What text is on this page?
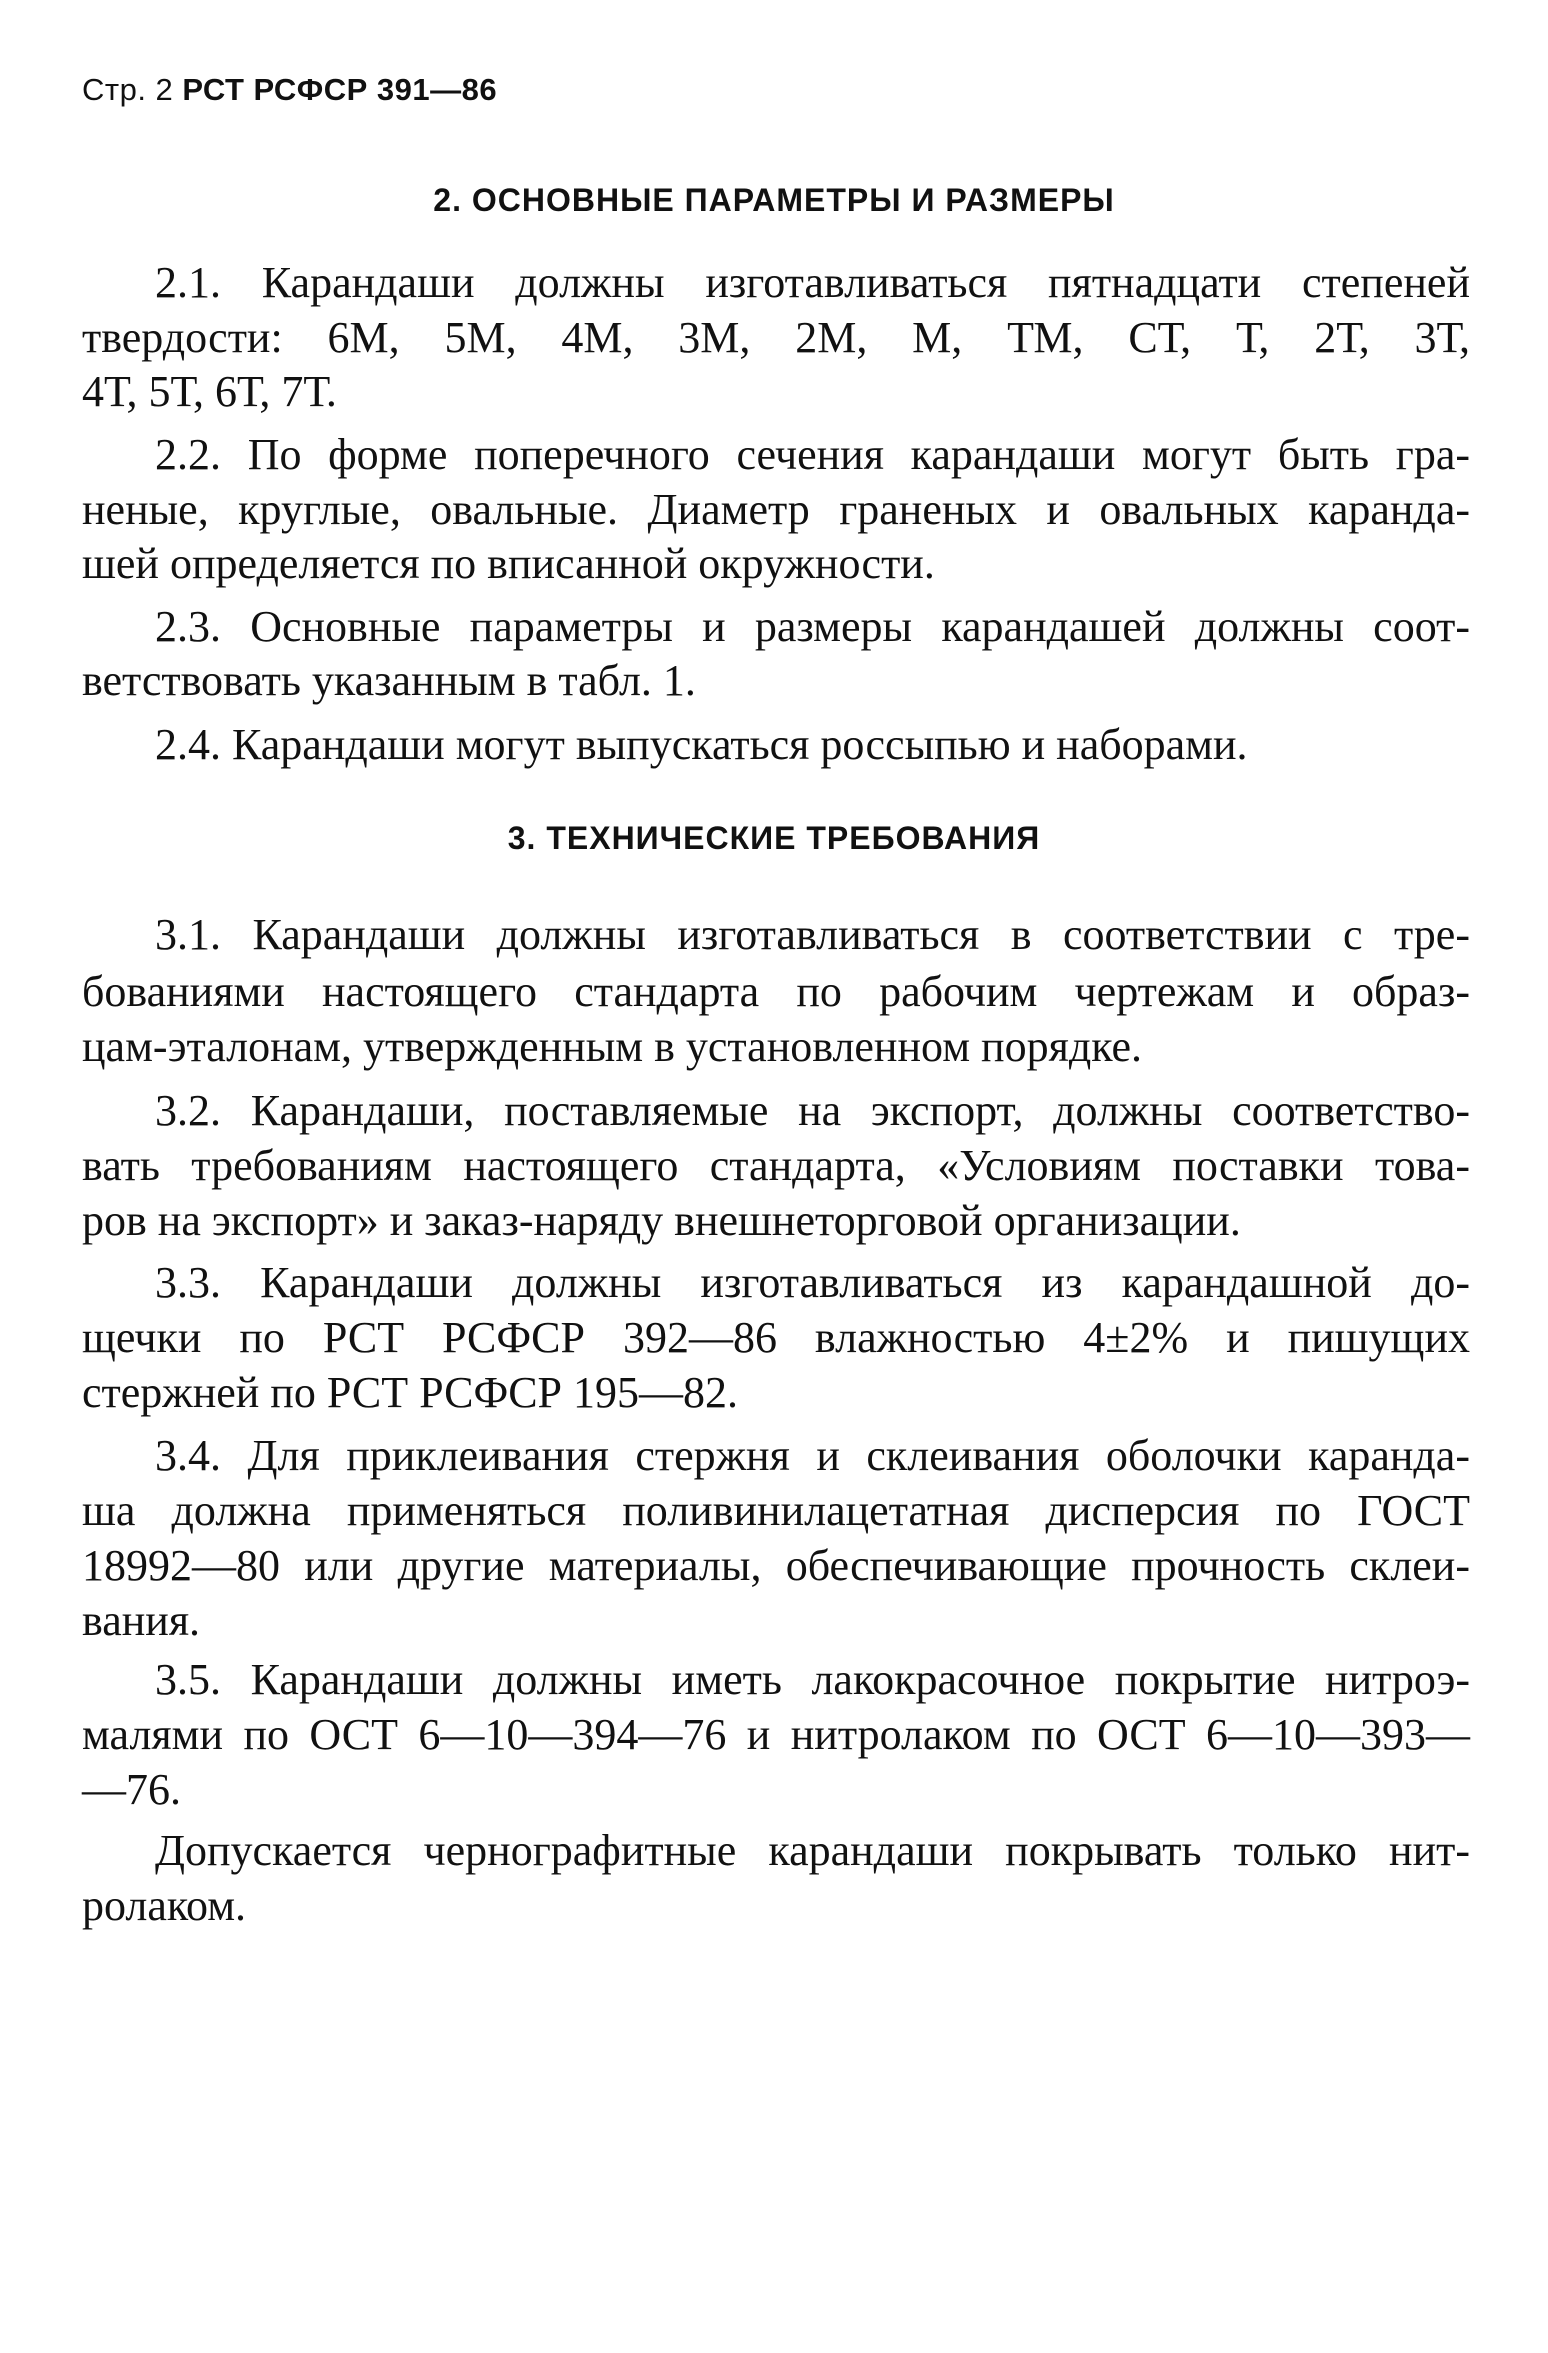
Стр. 2 РСТ РСФСР 391—86
2. ОСНОВНЫЕ ПАРАМЕТРЫ И РАЗМЕРЫ
2.1. Карандаши должны изготавливаться пятнадцати степеней
твердости: 6М, 5М, 4М, 3М, 2М, М, ТМ, СТ, Т, 2Т, 3Т,
4Т, 5Т, 6Т, 7Т.
2.2. По форме поперечного сечения карандаши могут быть гра-
неные, круглые, овальные. Диаметр граненых и овальных каранда-
шей определяется по вписанной окружности.
2.3. Основные параметры и размеры карандашей должны соот-
ветствовать указанным в табл. 1.
2.4. Карандаши могут выпускаться россыпью и наборами.
3. ТЕХНИЧЕСКИЕ ТРЕБОВАНИЯ
3.1. Карандаши должны изготавливаться в соответствии с тре-
бованиями настоящего стандарта по рабочим чертежам и образ-
цам-эталонам, утвержденным в установленном порядке.
3.2. Карандаши, поставляемые на экспорт, должны соответство-
вать требованиям настоящего стандарта, «Условиям поставки това-
ров на экспорт» и заказ-наряду внешнеторговой организации.
3.3. Карандаши должны изготавливаться из карандашной до-
щечки по РСТ РСФСР 392—86 влажностью 4±2% и пишущих
стержней по РСТ РСФСР 195—82.
3.4. Для приклеивания стержня и склеивания оболочки каранда-
ша должна применяться поливинилацетатная дисперсия по ГОСТ
18992—80 или другие материалы, обеспечивающие прочность склеи-
вания.
3.5. Карандаши должны иметь лакокрасочное покрытие нитроэ-
малями по ОСТ 6—10—394—76 и нитролаком по ОСТ 6—10—393—
—76.
Допускается чернографитные карандаши покрывать только нит-
ролаком.
